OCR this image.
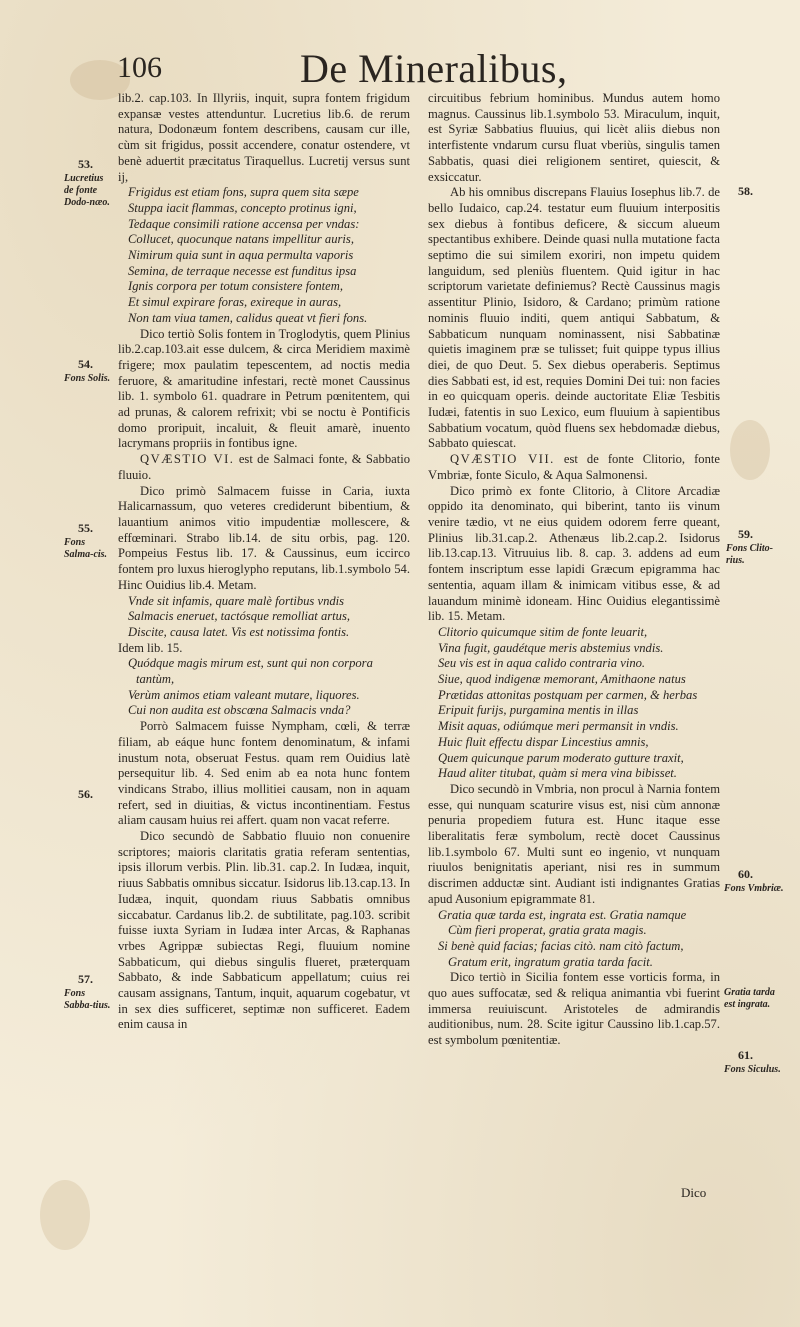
106	De Mineralibus,
53.
Lucretius de fonte Dodo-næo.
54.
Fons Solis.
55.
Fons Salma-cis.
56.
57.
Fons Sabba-tius.
58.
59.
Fons Clito-rius.
60.
Fons Vmbriæ.
Gratia tarda est ingrata.
61.
Fons Siculus.

lib.2. cap.103. In Illyriis, inquit, supra fontem frigidum expansæ vestes attenduntur. Lucretius lib.6. de rerum natura, Dodonæum fontem describens, causam cur ille, cùm sit frigidus, possit accendere, conatur ostendere, vt benè aduertit præcitatus Tiraquellus. Lucretij versus sunt ij,

Frigidus est etiam fons, supra quem sita sæpe

Stuppa iacit flammas, concepto protinus igni,

Tedaque consimili ratione accensa per vndas:

Collucet, quocunque natans impellitur auris,

Nimirum quia sunt in aqua permulta vaporis

Semina, de terraque necesse est funditus ipsa

Ignis corpora per totum consistere fontem,

Et simul expirare foras, exireque in auras,

Non tam viua tamen, calidus queat vt fieri fons.

Dico tertiò Solis fontem in Troglodytis, quem Plinius lib.2.cap.103.ait esse dulcem, & circa Meridiem maximè frigere; mox paulatim tepescentem, ad noctis media feruore, & amaritudine infestari, rectè monet Caussinus lib. 1. symbolo 61. quadrare in Petrum pœnitentem, qui ad prunas, & calorem refrixit; vbi se noctu è Pontificis domo proripuit, incaluit, & fleuit amarè, inuento lacrymans propriis in fontibus igne.

QVÆSTIO VI. est de Salmaci fonte, & Sabbatio fluuio.

Dico primò Salmacem fuisse in Caria, iuxta Halicarnassum, quo veteres crediderunt bibentium, & lauantium animos vitio impudentiæ mollescere, & effœminari. Strabo lib.14. de situ orbis, pag. 120. Pompeius Festus lib. 17. & Caussinus, eum iccirco fontem pro luxus hieroglypho reputans, lib.1.symbolo 54. Hinc Ouidius lib.4. Metam.

Vnde sit infamis, quare malè fortibus vndis

Salmacis eneruet, tactósque remolliat artus,

Discite, causa latet. Vis est notissima fontis.

Idem lib. 15.

Quódque magis mirum est, sunt qui non corpora tantùm,

Verùm animos etiam valeant mutare, liquores.

Cui non audita est obscœna Salmacis vnda?

Porrò Salmacem fuisse Nympham, cœli, & terræ filiam, ab eáque hunc fontem denominatum, & infami inustum nota, obseruat Festus. quam rem Ouidius latè persequitur lib. 4. Sed enim ab ea nota hunc fontem vindicans Strabo, illius mollitiei causam, non in aquam refert, sed in diuitias, & victus incontinentiam. Festus aliam causam huius rei affert. quam non vacat referre.

Dico secundò de Sabbatio fluuio non conuenire scriptores; maioris claritatis gratia referam sententias, ipsis illorum verbis. Plin. lib.31. cap.2. In Iudæa, inquit, riuus Sabbatis omnibus siccatur. Isidorus lib.13.cap.13. In Iudæa, inquit, quondam riuus Sabbatis omnibus siccabatur. Cardanus lib.2. de subtilitate, pag.103. scribit fuisse iuxta Syriam in Iudæa inter Arcas, & Raphanas vrbes Agrippæ subiectas Regi, fluuium nomine Sabbaticum, qui diebus singulis flueret, præterquam Sabbato, & inde Sabbaticum appellatum; cuius rei causam assignans, Tantum, inquit, aquarum cogebatur, vt in sex dies sufficeret, septimæ non sufficeret. Eadem enim causa in

circuitibus febrium hominibus. Mundus autem homo magnus. Caussinus lib.1.symbolo 53. Miraculum, inquit, est Syriæ Sabbatius fluuius, qui licèt aliis diebus non interfistente vndarum cursu fluat vberiùs, singulis tamen Sabbatis, quasi diei religionem sentiret, quiescit, & exsiccatur.

Ab his omnibus discrepans Flauius Iosephus lib.7. de bello Iudaico, cap.24. testatur eum fluuium interpositis sex diebus à fontibus deficere, & siccum alueum spectantibus exhibere. Deinde quasi nulla mutatione facta septimo die sui similem exoriri, non impetu quidem languidum, sed pleniùs fluentem. Quid igitur in hac scriptorum varietate definiemus? Rectè Caussinus magis assentitur Plinio, Isidoro, & Cardano; primùm ratione nominis fluuio inditi, quem antiqui Sabbatum, & Sabbaticum nunquam nominassent, nisi Sabbatinæ quietis imaginem præ se tulisset; fuit quippe typus illius diei, de quo Deut. 5. Sex diebus operaberis. Septimus dies Sabbati est, id est, requies Domini Dei tui: non facies in eo quicquam operis. deinde auctoritate Eliæ Tesbitis Iudæi, fatentis in suo Lexico, eum fluuium à sapientibus Sabbatium vocatum, quòd fluens sex hebdomadæ diebus, Sabbato quiescat.

QVÆSTIO VII. est de fonte Clitorio, fonte Vmbriæ, fonte Siculo, & Aqua Salmonensi.

Dico primò ex fonte Clitorio, à Clitore Arcadiæ oppido ita denominato, qui biberint, tanto iis vinum venire tædio, vt ne eius quidem odorem ferre queant, Plinius lib.31.cap.2. Athenæus lib.2.cap.2. Isidorus lib.13.cap.13. Vitruuius lib. 8. cap. 3. addens ad eum fontem inscriptum esse lapidi Græcum epigramma hac sententia, aquam illam & inimicam vitibus esse, & ad lauandum minimè idoneam. Hinc Ouidius elegantissimè lib. 15. Metam.

Clitorio quicumque sitim de fonte leuarit,

Vina fugit, gaudétque meris abstemius vndis.

Seu vis est in aqua calido contraria vino.

Siue, quod indigenæ memorant, Amithaone natus

Prætidas attonitas postquam per carmen, & herbas

Eripuit furijs, purgamina mentis in illas

Misit aquas, odiúmque meri permansit in vndis.

Huic fluit effectu dispar Lincestius amnis,

Quem quicunque parum moderato gutture traxit,

Haud aliter titubat, quàm si mera vina bibisset.

Dico secundò in Vmbria, non procul à Narnia fontem esse, qui nunquam scaturire visus est, nisi cùm annonæ penuria propediem futura est. Hunc itaque esse liberalitatis feræ symbolum, rectè docet Caussinus lib.1.symbolo 67. Multi sunt eo ingenio, vt nunquam riuulos benignitatis aperiant, nisi res in summum discrimen adductæ sint. Audiant isti indignantes Gratias apud Ausonium epigrammate 81.

Gratia quæ tarda est, ingrata est. Gratia namque

Cùm fieri properat, gratia grata magis.

Si benè quid facias; facias citò. nam citò factum,

Gratum erit, ingratum gratia tarda facit.

Dico tertiò in Sicilia fontem esse vorticis forma, in quo aues suffocatæ, sed & reliqua animantia vbi fuerint immersa reuiuiscunt. Aristoteles de admirandis auditionibus, num. 28. Scite igitur Caussino lib.1.cap.57. est symbolum pœnitentiæ.

Dico
